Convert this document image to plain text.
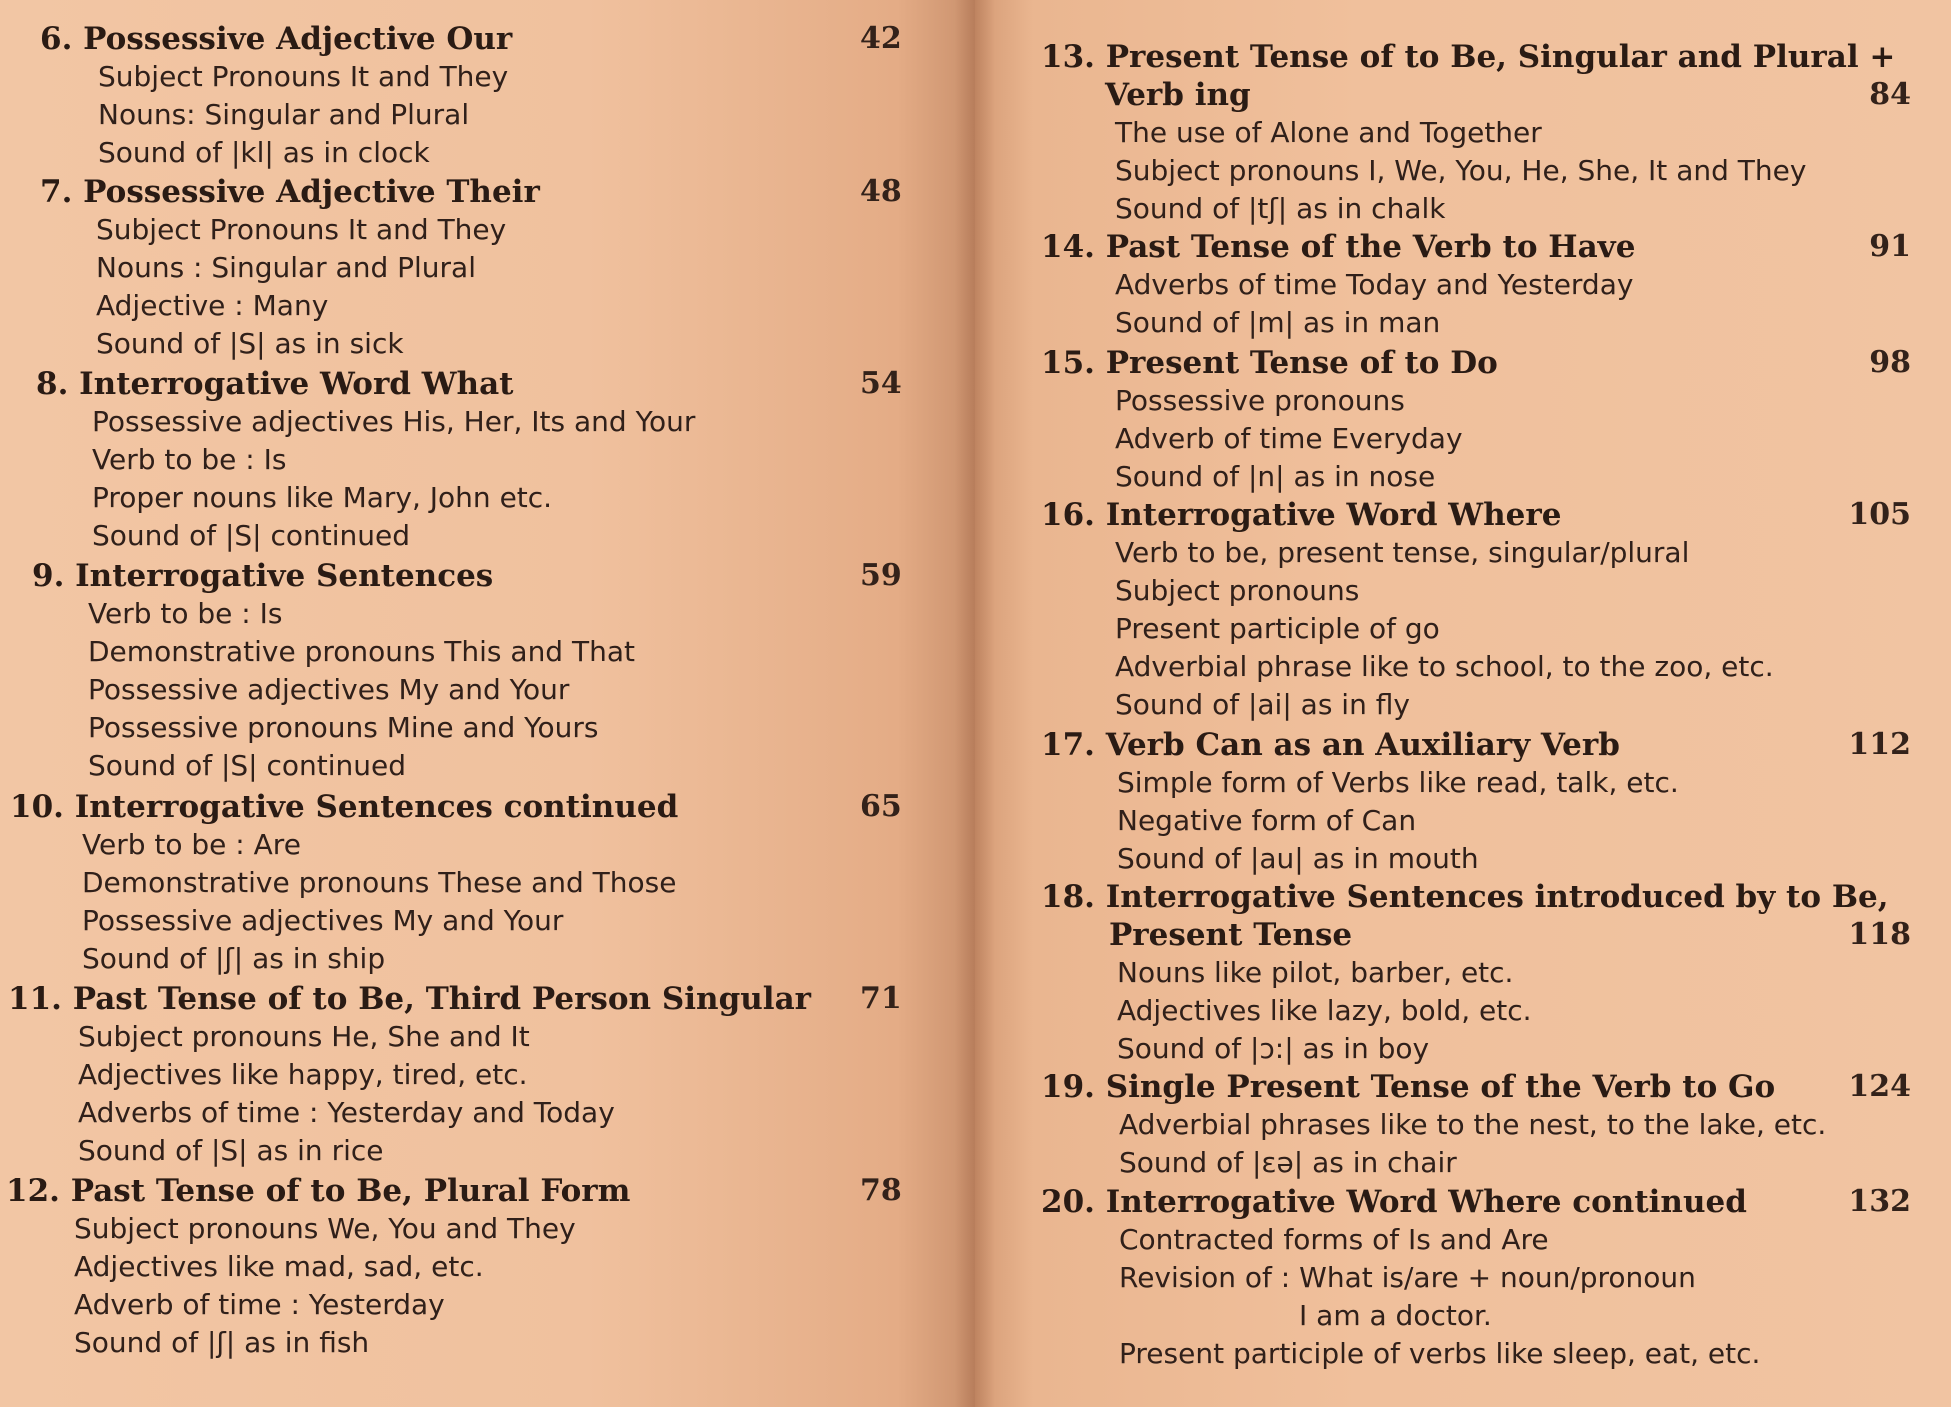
6. Possessive Adjective Our	42
Subject Pronouns It and They
Nouns: Singular and Plural
Sound of |kl| as in clock
7. Possessive Adjective Their	48
Subject Pronouns It and They
Nouns : Singular and Plural
Adjective : Many
Sound of |S| as in sick
8. Interrogative Word What	54
Possessive adjectives His, Her, Its and Your
Verb to be : Is
Proper nouns like Mary, John etc.
Sound of |S| continued
9. Interrogative Sentences	59
Verb to be : Is
Demonstrative pronouns This and That
Possessive adjectives My and Your
Possessive pronouns Mine and Yours
Sound of |S| continued
10. Interrogative Sentences continued	65
Verb to be : Are
Demonstrative pronouns These and Those
Possessive adjectives My and Your
Sound of |ʃ| as in ship
11. Past Tense of to Be, Third Person Singular 71
Subject pronouns He, She and It
Adjectives like happy, tired, etc.
Adverbs of time : Yesterday and Today
Sound of |S| as in rice
12. Past Tense of to Be, Plural Form	78
Subject pronouns We, You and They
Adjectives like mad, sad, etc.
Adverb of time : Yesterday
Sound of |ʃ| as in fish
13. Present Tense of to Be, Singular and Plural +
Verb ing	84
The use of Alone and Together
Subject pronouns I, We, You, He, She, It and They
Sound of |tʃ| as in chalk
14. Past Tense of the Verb to Have	91
Adverbs of time Today and Yesterday
Sound of |m| as in man
15. Present Tense of to Do	98
Possessive pronouns
Adverb of time Everyday
Sound of |n| as in nose
16. Interrogative Word Where	105
Verb to be, present tense, singular/plural
Subject pronouns
Present participle of go
Adverbial phrase like to school, to the zoo, etc.
Sound of |ai| as in fly
17. Verb Can as an Auxiliary Verb	112
Simple form of Verbs like read, talk, etc.
Negative form of Can
Sound of |au| as in mouth
18. Interrogative Sentences introduced by to Be,
Present Tense	118
Nouns like pilot, barber, etc.
Adjectives like lazy, bold, etc.
Sound of |ɔ:| as in boy
19. Single Present Tense of the Verb to Go 124
Adverbial phrases like to the nest, to the lake, etc.
Sound of |εə| as in chair
20. Interrogative Word Where continued	132
Contracted forms of Is and Are
Revision of : What is/are + noun/pronoun
I am a doctor.
Present participle of verbs like sleep, eat, etc.
